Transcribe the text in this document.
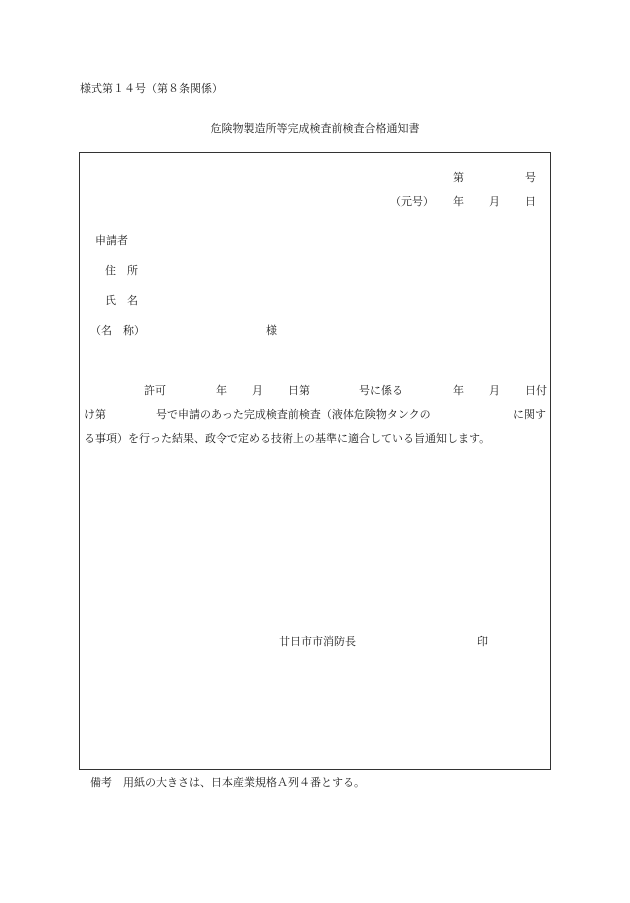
様式第１４号（第８条関係）
危険物製造所等完成検査前検査合格通知書
第	号
（元号） 年 月 日
申請者
住　所
氏　名
（名　称）	様
許可	年 月 日第	号に係る	年 月 日付
け第	号で申請のあった完成検査前検査（液体危険物タンクの	に関す
る事項）を行った結果、政令で定める技術上の基準に適合している旨通知します。
廿日市市消防長	印
備考　用紙の大きさは、日本産業規格Ａ列４番とする。
